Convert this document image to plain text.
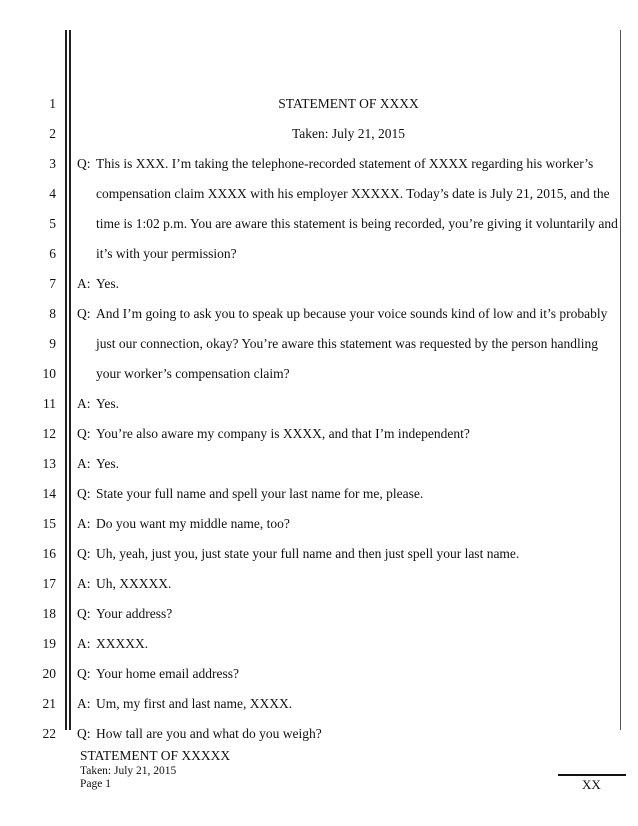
1
2
3
4
5
6
7
8
9
10
11
12
13
14
15
16
17
18
19
20
21
22
STATEMENT OF XXXX
Taken: July 21, 2015
Q: This is XXX. I’m taking the telephone-recorded statement of XXXX regarding his worker’s
compensation claim XXXX with his employer XXXXX. Today’s date is July 21, 2015, and the
time is 1:02 p.m. You are aware this statement is being recorded, you’re giving it voluntarily and
it’s with your permission?
A: Yes.
Q: And I’m going to ask you to speak up because your voice sounds kind of low and it’s probably
just our connection, okay? You’re aware this statement was requested by the person handling
your worker’s compensation claim?
A: Yes.
Q: You’re also aware my company is XXXX, and that I’m independent?
A: Yes.
Q: State your full name and spell your last name for me, please.
A: Do you want my middle name, too?
Q: Uh, yeah, just you, just state your full name and then just spell your last name.
A: Uh, XXXXX.
Q: Your address?
A: XXXXX.
Q: Your home email address?
A: Um, my first and last name, XXXX.
Q: How tall are you and what do you weigh?
STATEMENT OF XXXXX
Taken: July 21, 2015
Page 1	XX
